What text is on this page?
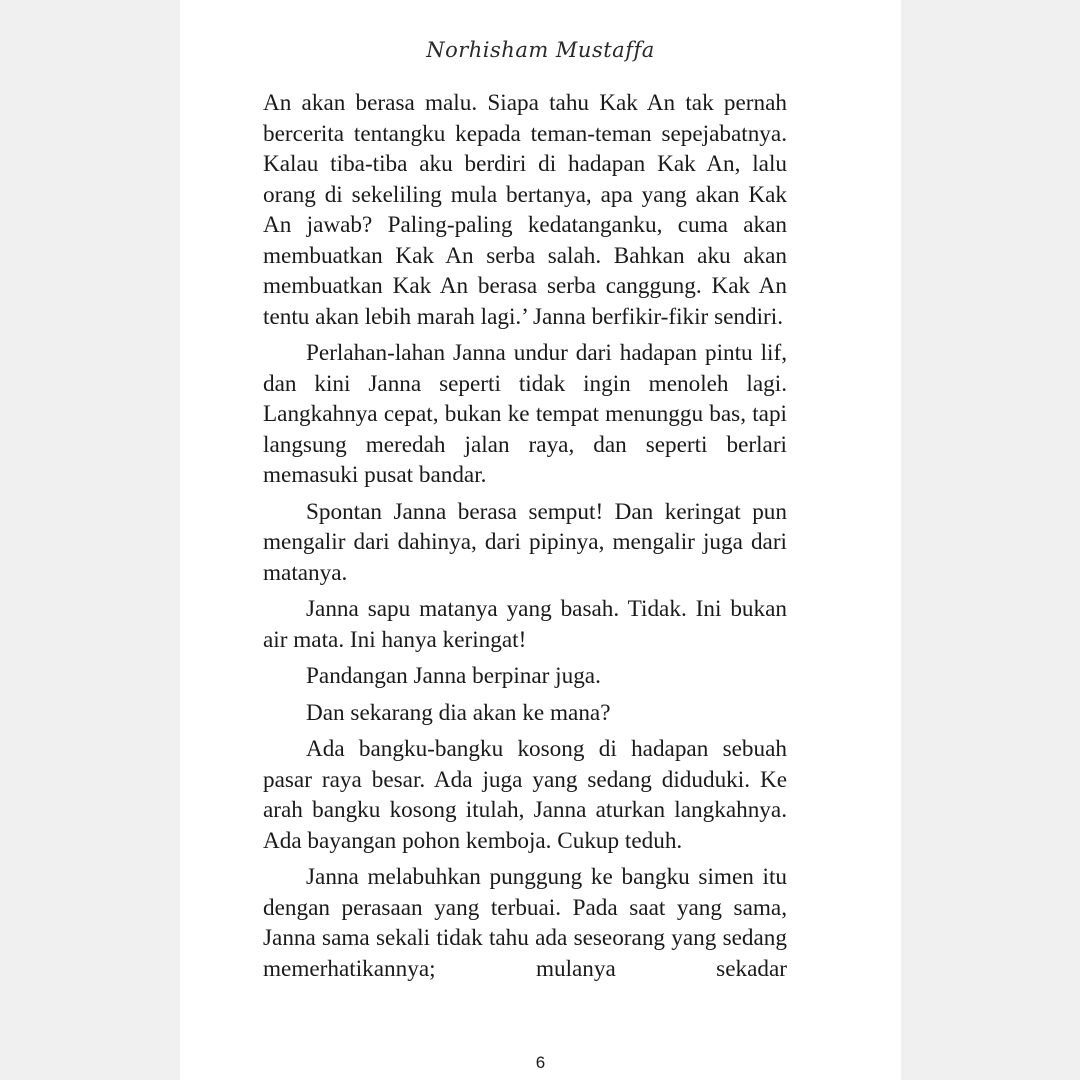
Norhisham Mustaffa

An akan berasa malu. Siapa tahu Kak An tak pernah bercerita tentangku kepada teman-teman sepejabatnya. Kalau tiba-tiba aku berdiri di hadapan Kak An, lalu orang di sekeliling mula bertanya, apa yang akan Kak An jawab? Paling-paling kedatanganku, cuma akan membuatkan Kak An serba salah. Bahkan aku akan membuatkan Kak An berasa serba canggung. Kak An tentu akan lebih marah lagi.’ Janna berfikir-fikir sendiri.

Perlahan-lahan Janna undur dari hadapan pintu lif, dan kini Janna seperti tidak ingin menoleh lagi. Langkahnya cepat, bukan ke tempat menunggu bas, tapi langsung meredah jalan raya, dan seperti berlari memasuki pusat bandar.

Spontan Janna berasa semput! Dan keringat pun mengalir dari dahinya, dari pipinya, mengalir juga dari matanya.

Janna sapu matanya yang basah. Tidak. Ini bukan air mata. Ini hanya keringat!

Pandangan Janna berpinar juga.

Dan sekarang dia akan ke mana?

Ada bangku-bangku kosong di hadapan sebuah pasar raya besar. Ada juga yang sedang diduduki. Ke arah bangku kosong itulah, Janna aturkan langkahnya. Ada bayangan pohon kemboja. Cukup teduh.

Janna melabuhkan punggung ke bangku simen itu dengan perasaan yang terbuai. Pada saat yang sama, Janna sama sekali tidak tahu ada seseorang yang sedang memerhatikannya; mulanya sekadar

6
